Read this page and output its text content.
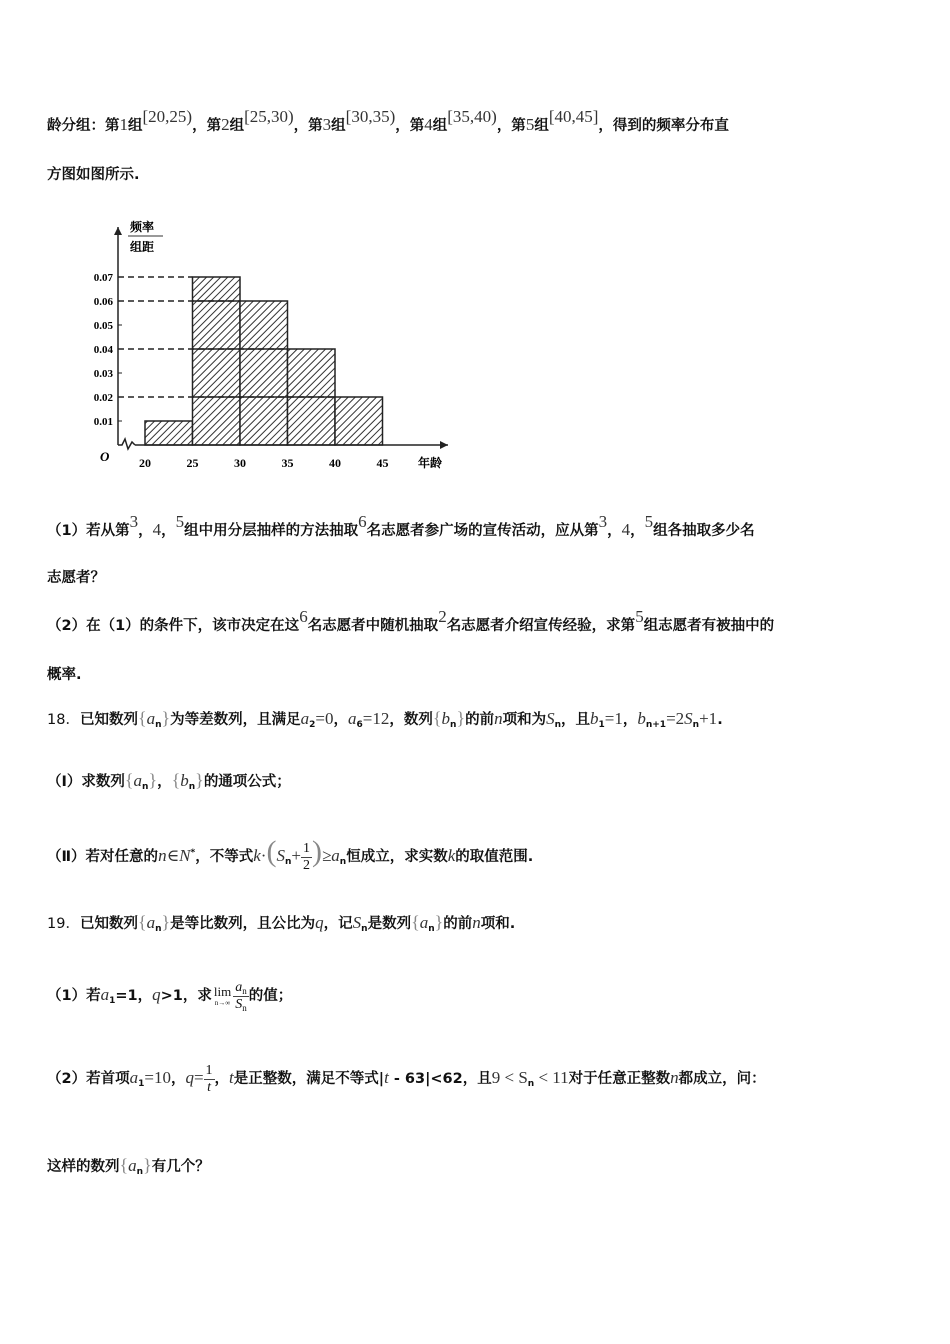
龄分组：第1组[20,25)，第2组[25,30)，第3组[30,35)，第4组[35,40)，第5组[40,45]，得到的频率分布直
方图如图所示.
0.01
0.02
0.03
0.04
0.05
0.06
0.07
20	25	30	35	40	45
频率
组距
年龄
O
（1）若从第3，4，5组中用分层抽样的方法抽取6名志愿者参广场的宣传活动，应从第3，4，5组各抽取多少名
志愿者？
（2）在（1）的条件下，该市决定在这6名志愿者中随机抽取2名志愿者介绍宣传经验，求第5组志愿者有被抽中的
概率.
18．已知数列$\{a_n\}$为等差数列，且满足$a_2=0$，$a_6=12$，数列$\{b_n\}$的前n项和为$S_n$，且$b_1=1$，$b_{n+1}=2S_n+1$.
（Ⅰ）求数列$\{a_n\}$，$\{b_n\}$的通项公式；
（Ⅱ）若对任意的n∈N*，不等式$k\cdot(S_n+ \frac{1}{2} )\ge a_n$恒成立，求实数k的取值范围.
19．已知数列$\{a_n\}$是等比数列，且公比为q，记$S_n$是数列$\{a_n\}$的前n项和.
（1）若$a_1=1$，q>1，求 lim
$n\to\infty \frac{a_n}{S_n}$ 的值；
（2）若首项$a_1=10$，$q= \frac{1}{t}$ ，t是正整数，满足不等式|t - 63|<62，且$9 < S_n < 11$对于任意正整数n都成立，问：
这样的数列$\{a_n\}$有几个？
